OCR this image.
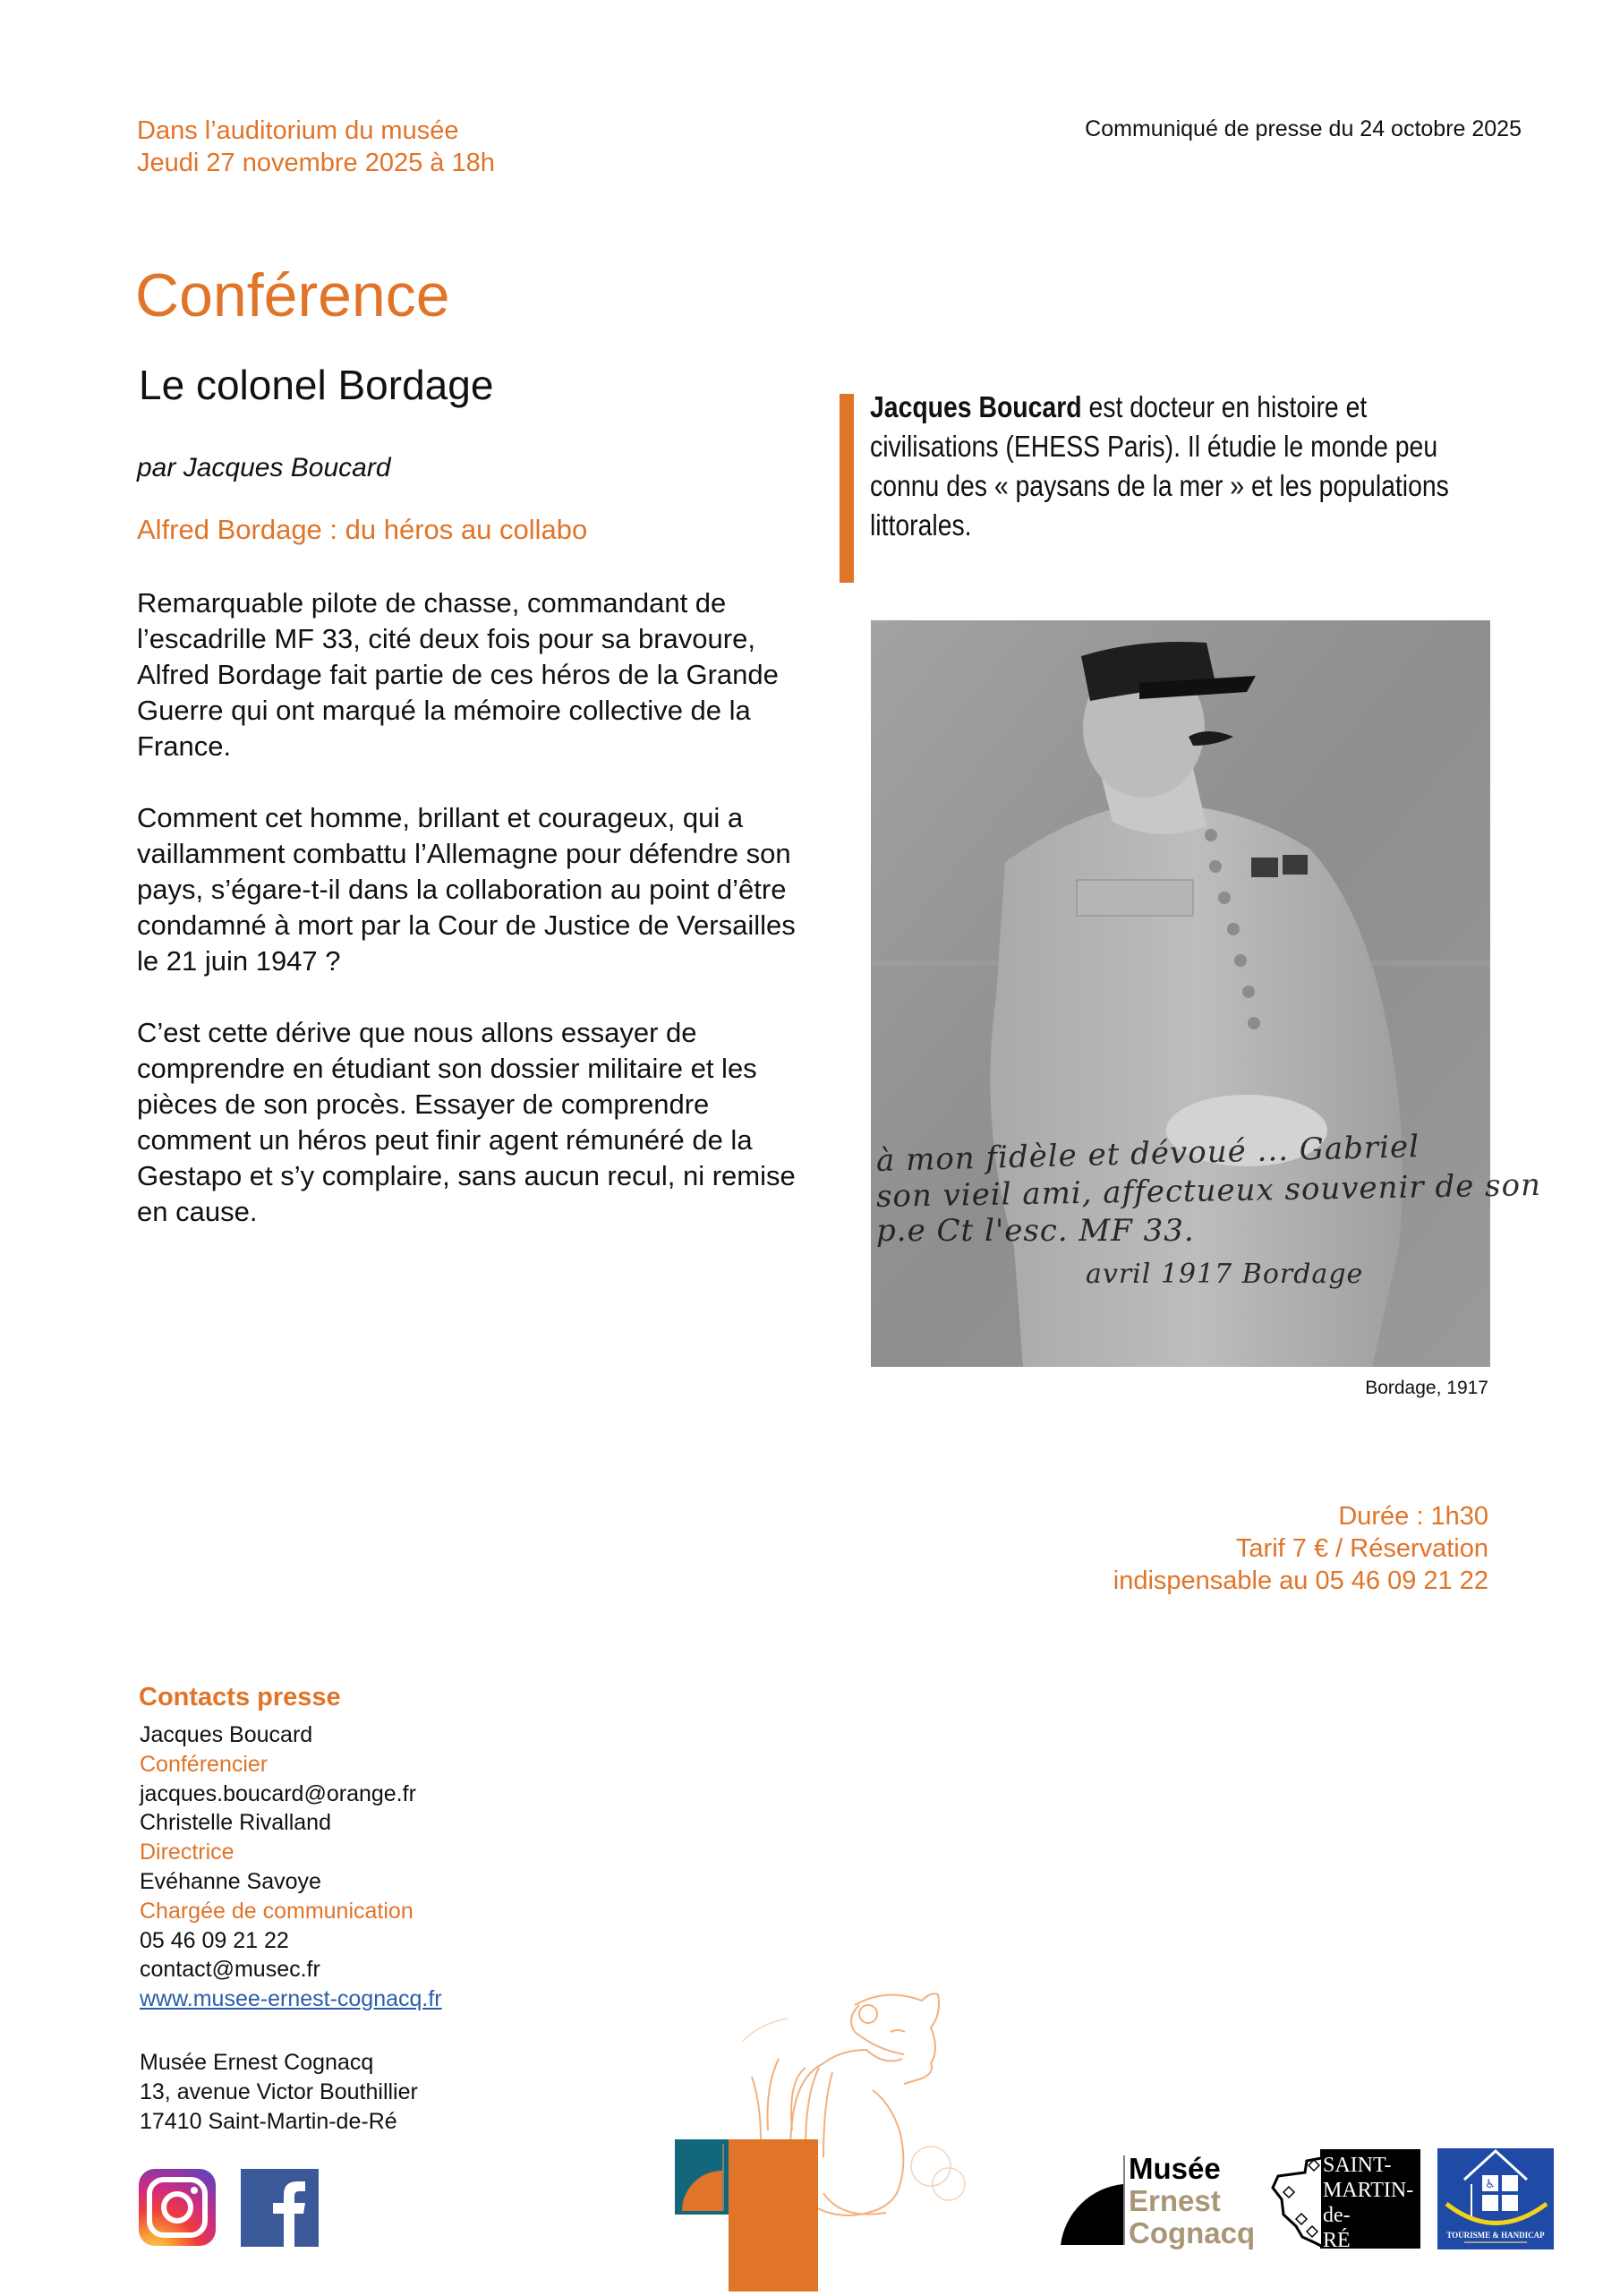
Dans l’auditorium du musée
Jeudi 27 novembre 2025 à 18h
Communiqué de presse du 24 octobre 2025
Conférence
Le colonel Bordage
par Jacques Boucard
Alfred Bordage : du héros au collabo

Remarquable pilote de chasse, commandant de l’escadrille MF 33, cité deux fois pour sa bravoure, Alfred Bordage fait partie de ces héros de la Grande Guerre qui ont marqué la mémoire collective de la France.

Comment cet homme, brillant et courageux, qui a vaillamment combattu l’Allemagne pour défendre son pays, s’égare-t-il dans la collaboration au point d’être condamné à mort par la Cour de Justice de Versailles le 21 juin 1947 ?

C’est cette dérive que nous allons essayer de comprendre en étudiant son dossier militaire et les pièces de son procès. Essayer de comprendre comment un héros peut finir agent rémunéré de la Gestapo et s’y complaire, sans aucun recul, ni remise en cause.

Jacques Boucard est docteur en histoire et civilisations (EHESS Paris). Il étudie le monde peu connu des « paysans de la mer » et les populations littorales.
à mon fidèle et dévoué ... Gabriel
son vieil ami, affectueux souvenir de son
p.e Ct l'esc. MF 33.
avril 1917 Bordage
Bordage, 1917
Durée : 1h30
Tarif 7 € / Réservation
indispensable au 05 46 09 21 22
Contacts presse
Jacques Boucard
Conférencier
jacques.boucard@orange.fr
Christelle Rivalland
Directrice
Evéhanne Savoye
Chargée de communication
05 46 09 21 22
contact@musec.fr
www.musee-ernest-cognacq.fr
Musée Ernest Cognacq
13, avenue Victor Bouthillier
17410 Saint-Martin-de-Ré
Musée
Ernest
Cognacq
SAINT-
MARTIN-
de-
RÉ
♿
TOURISME & HANDICAP
